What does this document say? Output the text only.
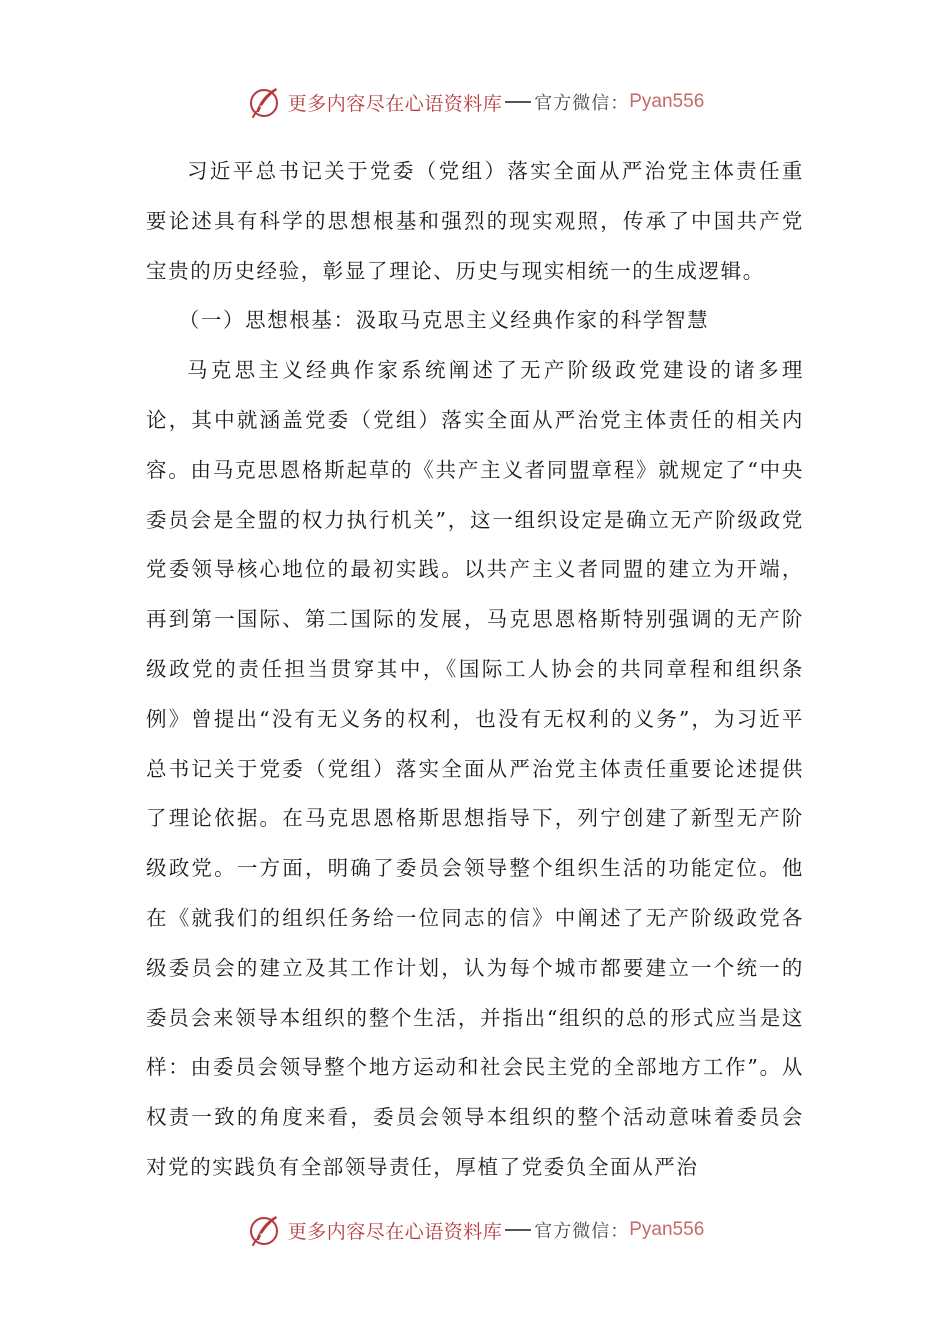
更多内容尽在心语资料库 官方微信： Pyan556

习近平总书记关于党委（党组）落实全面从严治党主体责任重要论述具有科学的思想根基和强烈的现实观照，传承了中国共产党宝贵的历史经验，彰显了理论、历史与现实相统一的生成逻辑。

（一）思想根基：汲取马克思主义经典作家的科学智慧

马克思主义经典作家系统阐述了无产阶级政党建设的诸多理论，其中就涵盖党委（党组）落实全面从严治党主体责任的相关内容。由马克思恩格斯起草的《共产主义者同盟章程》就规定了“中央委员会是全盟的权力执行机关”，这一组织设定是确立无产阶级政党党委领导核心地位的最初实践。以共产主义者同盟的建立为开端，再到第一国际、第二国际的发展，马克思恩格斯特别强调的无产阶级政党的责任担当贯穿其中，《国际工人协会的共同章程和组织条例》曾提出“没有无义务的权利，也没有无权利的义务”，为习近平总书记关于党委（党组）落实全面从严治党主体责任重要论述提供了理论依据。在马克思恩格斯思想指导下，列宁创建了新型无产阶级政党。一方面，明确了委员会领导整个组织生活的功能定位。他在《就我们的组织任务给一位同志的信》中阐述了无产阶级政党各级委员会的建立及其工作计划，认为每个城市都要建立一个统一的委员会来领导本组织的整个生活，并指出“组织的总的形式应当是这样：由委员会领导整个地方运动和社会民主党的全部地方工作”。从权责一致的角度来看，委员会领导本组织的整个活动意味着委员会对党的实践负有全部领导责任，厚植了党委负全面从严治

更多内容尽在心语资料库 官方微信： Pyan556
